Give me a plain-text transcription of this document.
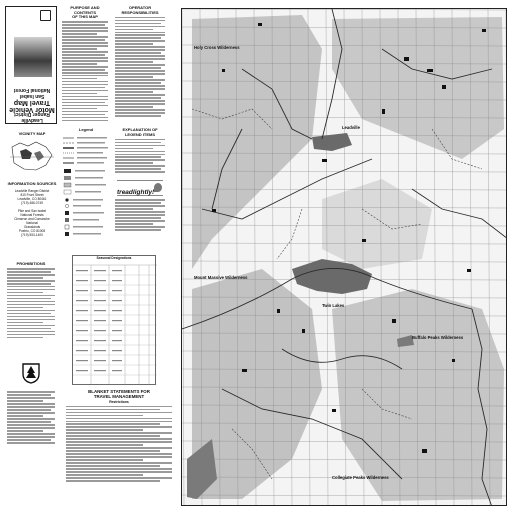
Motor Vehicle
Travel Map
San Isabel
National Forest
Leadville
Ranger District
VICINITY MAP
INFORMATION SOURCES
Leadville Ranger District
810 Front Street
Leadville, CO 80461
(719) 486-0749
Pike and San Isabel
National Forests
Cimarron and Comanche
National
Grasslands
Pueblo, CO 81008
(719) 553-1400
PROHIBITIONS
PURPOSE AND CONTENTS
OF THIS MAP
OPERATOR
RESPONSIBILITIES
Legend	EXPLANATION OF
LEGEND ITEMS
treadlightly!
Seasonal Designations
BLANKET STATEMENTS FOR
TRAVEL MANAGEMENT
Restrictions
Leadville
Twin Lakes
Mount Massive Wilderness
Holy Cross Wilderness
Buffalo Peaks Wilderness
Collegiate Peaks Wilderness
